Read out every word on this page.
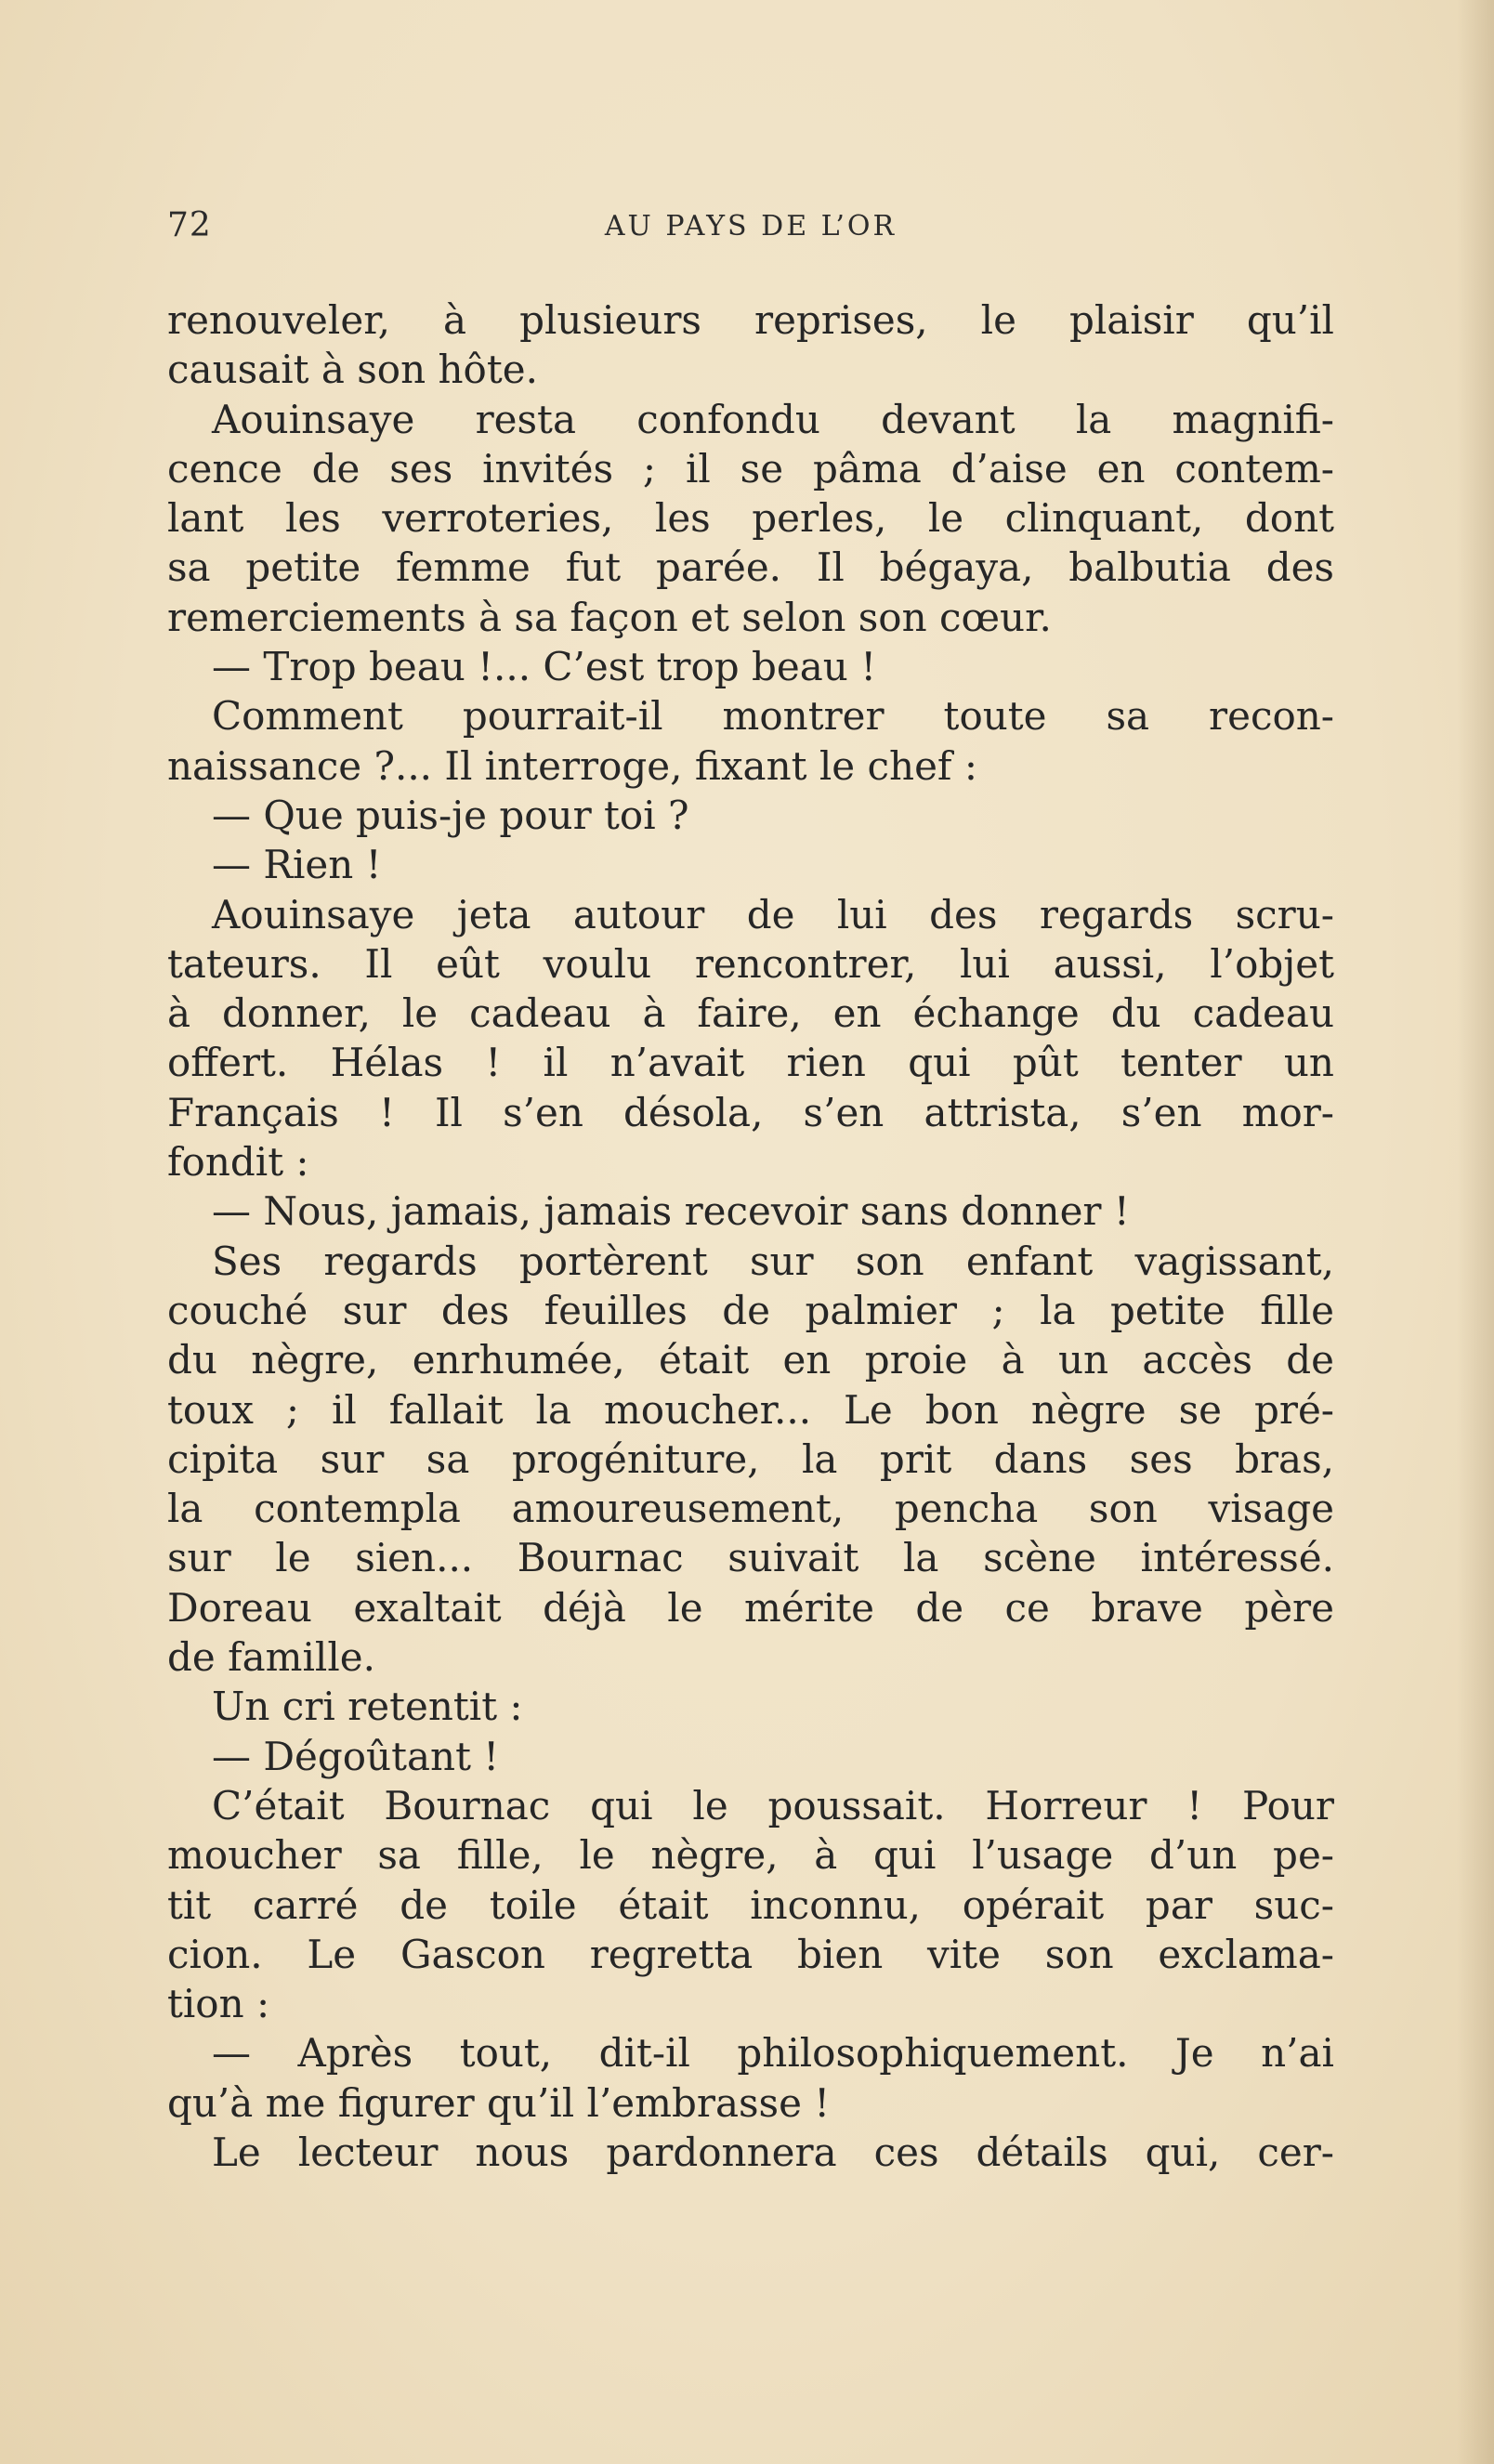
72	AU PAYS DE L’OR
renouveler, à plusieurs reprises, le plaisir qu’il
causait à son hôte.
Aouinsaye resta confondu devant la magnifi-
cence de ses invités ; il se pâma d’aise en contem-
lant les verroteries, les perles, le clinquant, dont
sa petite femme fut parée. Il bégaya, balbutia des
remerciements à sa façon et selon son cœur.
— Trop beau !... C’est trop beau !
Comment pourrait-il montrer toute sa recon-
naissance ?... Il interroge, fixant le chef :
— Que puis-je pour toi ?
— Rien !
Aouinsaye jeta autour de lui des regards scru-
tateurs. Il eût voulu rencontrer, lui aussi, l’objet
à donner, le cadeau à faire, en échange du cadeau
offert. Hélas ! il n’avait rien qui pût tenter un
Français ! Il s’en désola, s’en attrista, s’en mor-
fondit :
— Nous, jamais, jamais recevoir sans donner !
Ses regards portèrent sur son enfant vagissant,
couché sur des feuilles de palmier ; la petite fille
du nègre, enrhumée, était en proie à un accès de
toux ; il fallait la moucher... Le bon nègre se pré-
cipita sur sa progéniture, la prit dans ses bras,
la contempla amoureusement, pencha son visage
sur le sien... Bournac suivait la scène intéressé.
Doreau exaltait déjà le mérite de ce brave père
de famille.
Un cri retentit :
— Dégoûtant !
C’était Bournac qui le poussait. Horreur ! Pour
moucher sa fille, le nègre, à qui l’usage d’un pe-
tit carré de toile était inconnu, opérait par suc-
cion. Le Gascon regretta bien vite son exclama-
tion :
— Après tout, dit-il philosophiquement. Je n’ai
qu’à me figurer qu’il l’embrasse !
Le lecteur nous pardonnera ces détails qui, cer-
